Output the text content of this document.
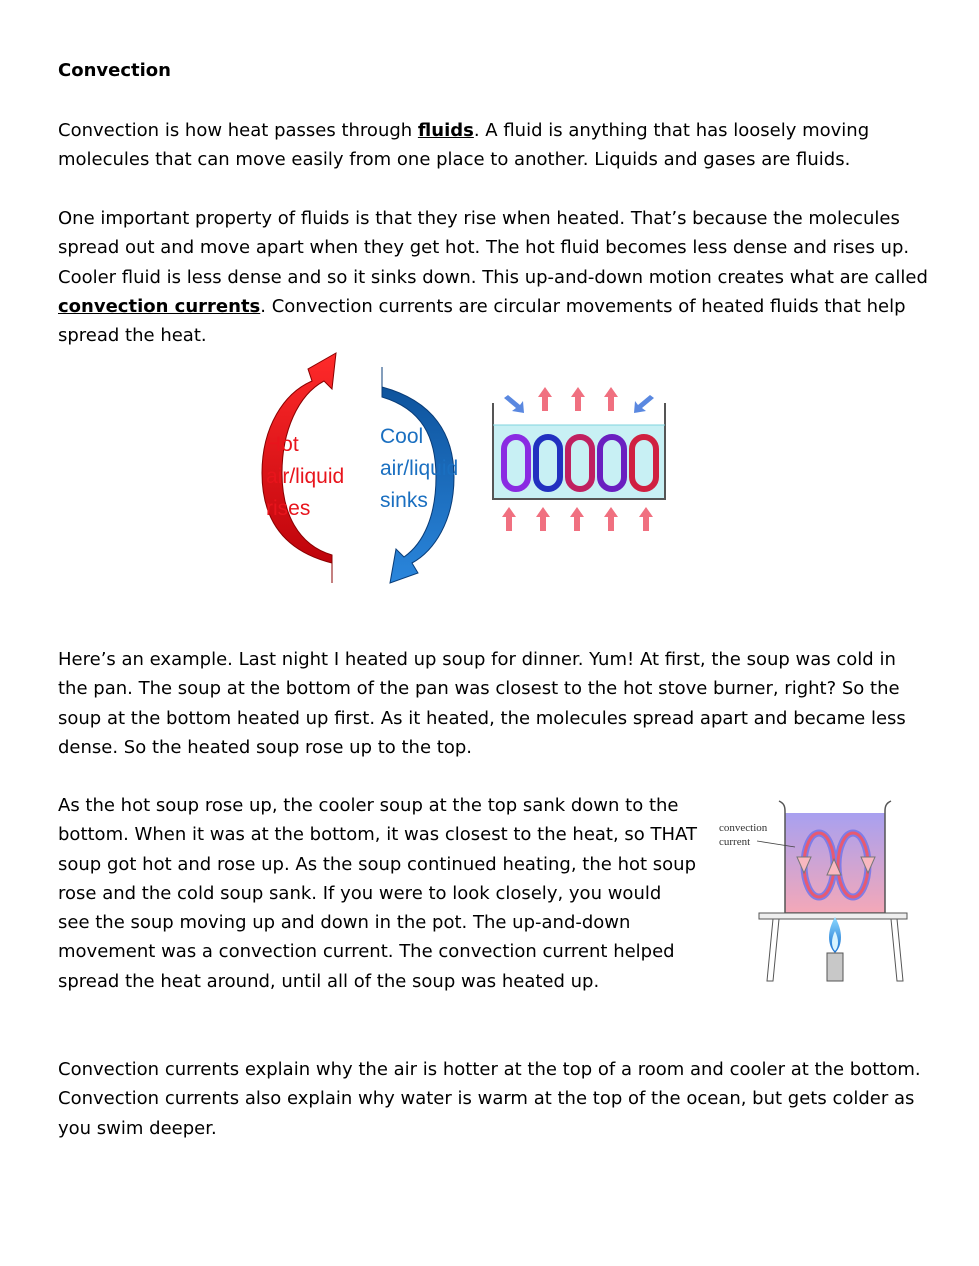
Convection

Convection is how heat passes through fluids. A fluid is anything that has loosely moving molecules that can move easily from one place to another. Liquids and gases are fluids.

One important property of fluids is that they rise when heated. That’s because the molecules spread out and move apart when they get hot. The hot fluid becomes less dense and rises up. Cooler fluid is less dense and so it sinks down. This up-and-down motion creates what are called convection currents. Convection currents are circular movements of heated fluids that help spread the heat.

Hot
air/liquid
rises
Cool
air/liquid
sinks

Here’s an example. Last night I heated up soup for dinner. Yum! At first, the soup was cold in the pan. The soup at the bottom of the pan was closest to the hot stove burner, right? So the soup at the bottom heated up first. As it heated, the molecules spread apart and became less dense. So the heated soup rose up to the top.

As the hot soup rose up, the cooler soup at the top sank down to the bottom. When it was at the bottom, it was closest to the heat, so THAT soup got hot and rose up. As the soup continued heating, the hot soup rose and the cold soup sank. If you were to look closely, you would see the soup moving up and down in the pot. The up-and-down movement was a convection current. The convection current helped spread the heat around, until all of the soup was heated up.

convection
current

Convection currents explain why the air is hotter at the top of a room and cooler at the bottom. Convection currents also explain why water is warm at the top of the ocean, but gets colder as you swim deeper.
